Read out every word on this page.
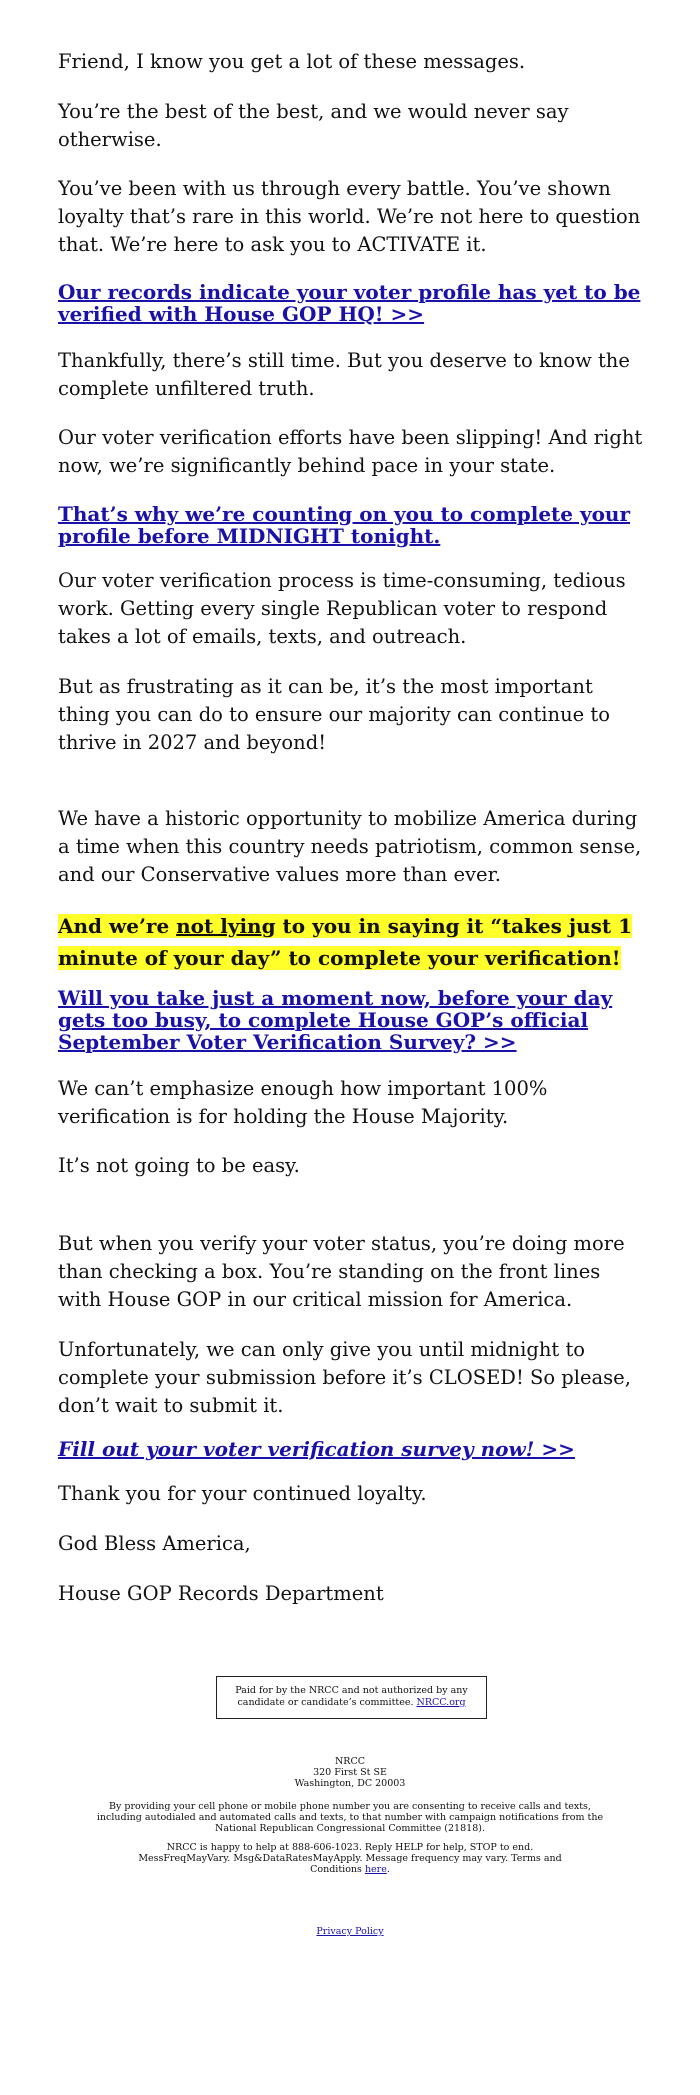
Friend, I know you get a lot of these messages.

You’re the best of the best, and we would never say otherwise.

You’ve been with us through every battle. You’ve shown loyalty that’s rare in this world. We’re not here to question that. We’re here to ask you to ACTIVATE it.

Our records indicate your voter profile has yet to be verified with House GOP HQ! >>

Thankfully, there’s still time. But you deserve to know the complete unfiltered truth.

Our voter verification efforts have been slipping! And right now, we’re significantly behind pace in your state.

That’s why we’re counting on you to complete your profile before MIDNIGHT tonight.

Our voter verification process is time-consuming, tedious work. Getting every single Republican voter to respond takes a lot of emails, texts, and outreach.

But as frustrating as it can be, it’s the most important thing you can do to ensure our majority can continue to thrive in 2027 and beyond!

We have a historic opportunity to mobilize America during a time when this country needs patriotism, common sense, and our Conservative values more than ever.

And we’re not lying to you in saying it “takes just 1 minute of your day” to complete your verification!

Will you take just a moment now, before your day gets too busy, to complete House GOP’s official September Voter Verification Survey? >>

We can’t emphasize enough how important 100% verification is for holding the House Majority.

It’s not going to be easy.

But when you verify your voter status, you’re doing more than checking a box. You’re standing on the front lines with House GOP in our critical mission for America.

Unfortunately, we can only give you until midnight to complete your submission before it’s CLOSED! So please, don’t wait to submit it.

Fill out your voter verification survey now! >>

Thank you for your continued loyalty.

God Bless America,

House GOP Records Department

Paid for by the NRCC and not authorized by any candidate or candidate’s committee. NRCC.org
NRCC
320 First St SE
Washington, DC 20003
By providing your cell phone or mobile phone number you are consenting to receive calls and texts, including autodialed and automated calls and texts, to that number with campaign notifications from the National Republican Congressional Committee (21818).
NRCC is happy to help at 888-606-1023. Reply HELP for help, STOP to end. MessFreqMayVary. Msg&DataRatesMayApply. Message frequency may vary. Terms and Conditions here.
Privacy Policy
